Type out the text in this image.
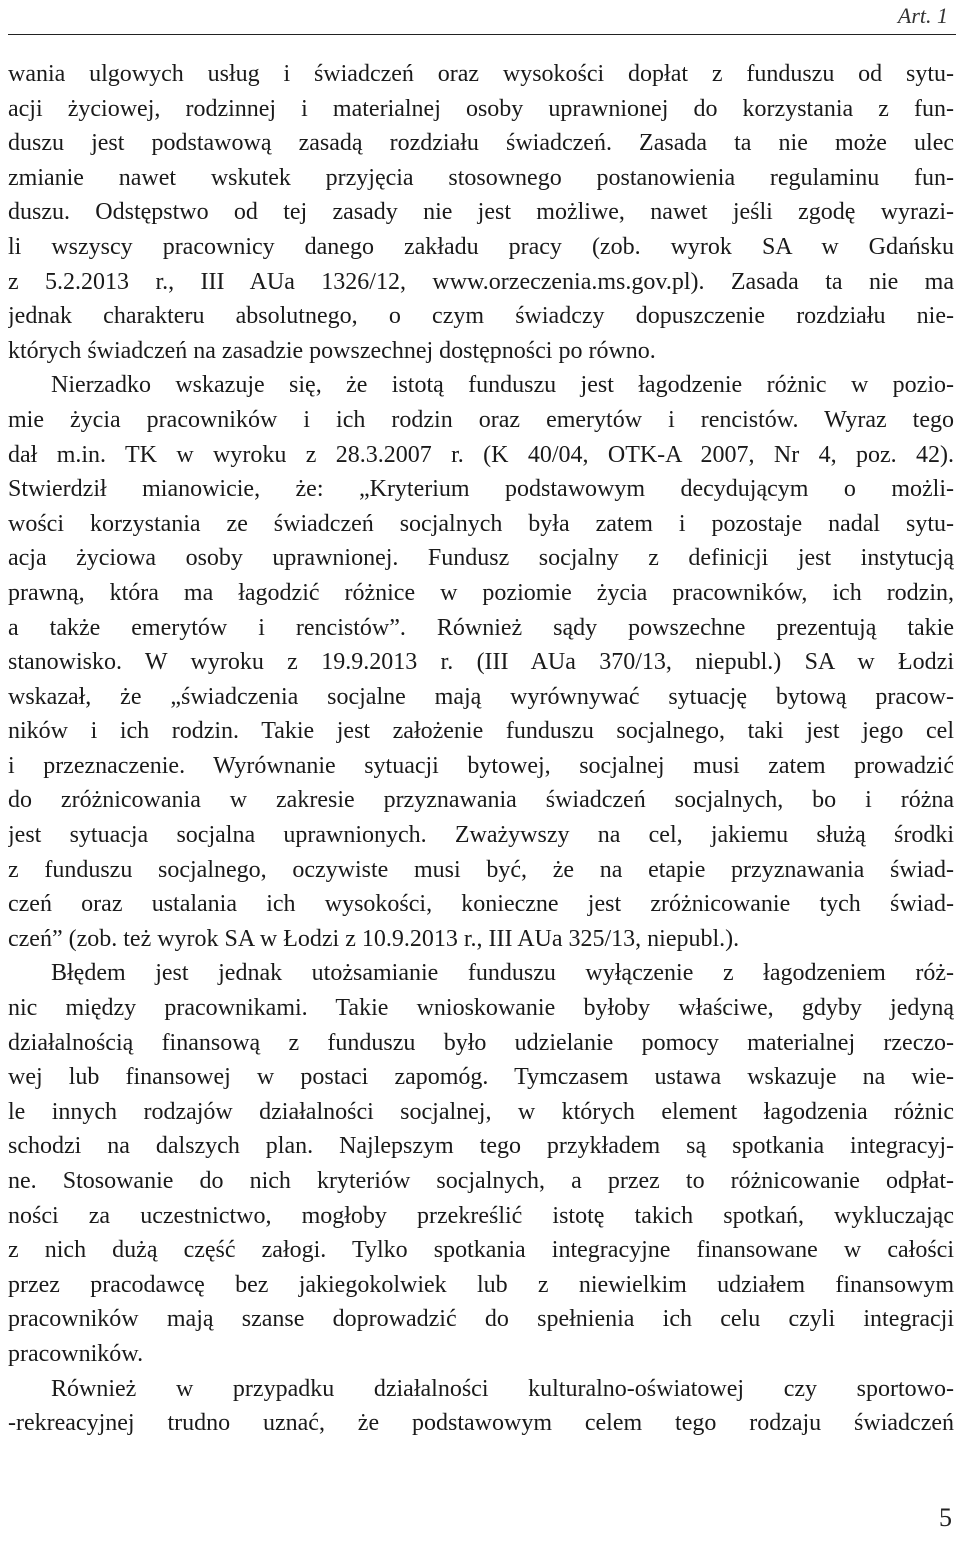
Art. 1

wania ulgowych usług i świadczeń oraz wysokości dopłat z funduszu od sytu-

acji życiowej, rodzinnej i materialnej osoby uprawnionej do korzystania z fun-

duszu jest podstawową zasadą rozdziału świadczeń. Zasada ta nie może ulec

zmianie nawet wskutek przyjęcia stosownego postanowienia regulaminu fun-

duszu. Odstępstwo od tej zasady nie jest możliwe, nawet jeśli zgodę wyrazi-

li wszyscy pracownicy danego zakładu pracy (zob. wyrok SA w Gdańsku

z 5.2.2013 r., III AUa 1326/12, www.orzeczenia.ms.gov.pl). Zasada ta nie ma

jednak charakteru absolutnego, o czym świadczy dopuszczenie rozdziału nie-

których świadczeń na zasadzie powszechnej dostępności po równo.

Nierzadko wskazuje się, że istotą funduszu jest łagodzenie różnic w pozio-

mie życia pracowników i ich rodzin oraz emerytów i rencistów. Wyraz tego

dał m.in. TK w wyroku z 28.3.2007 r. (K 40/04, OTK-A 2007, Nr 4, poz. 42).

Stwierdził mianowicie, że: „Kryterium podstawowym decydującym o możli-

wości korzystania ze świadczeń socjalnych była zatem i pozostaje nadal sytu-

acja życiowa osoby uprawnionej. Fundusz socjalny z definicji jest instytucją

prawną, która ma łagodzić różnice w poziomie życia pracowników, ich rodzin,

a także emerytów i rencistów”. Również sądy powszechne prezentują takie

stanowisko. W wyroku z 19.9.2013 r. (III AUa 370/13, niepubl.) SA w Łodzi

wskazał, że „świadczenia socjalne mają wyrównywać sytuację bytową pracow-

ników i ich rodzin. Takie jest założenie funduszu socjalnego, taki jest jego cel

i przeznaczenie. Wyrównanie sytuacji bytowej, socjalnej musi zatem prowadzić

do zróżnicowania w zakresie przyznawania świadczeń socjalnych, bo i różna

jest sytuacja socjalna uprawnionych. Zważywszy na cel, jakiemu służą środki

z funduszu socjalnego, oczywiste musi być, że na etapie przyznawania świad-

czeń oraz ustalania ich wysokości, konieczne jest zróżnicowanie tych świad-

czeń” (zob. też wyrok SA w Łodzi z 10.9.2013 r., III AUa 325/13, niepubl.).

Błędem jest jednak utożsamianie funduszu wyłączenie z łagodzeniem róż-

nic między pracownikami. Takie wnioskowanie byłoby właściwe, gdyby jedyną

działalnością finansową z funduszu było udzielanie pomocy materialnej rzeczo-

wej lub finansowej w postaci zapomóg. Tymczasem ustawa wskazuje na wie-

le innych rodzajów działalności socjalnej, w których element łagodzenia różnic

schodzi na dalszych plan. Najlepszym tego przykładem są spotkania integracyj-

ne. Stosowanie do nich kryteriów socjalnych, a przez to różnicowanie odpłat-

ności za uczestnictwo, mogłoby przekreślić istotę takich spotkań, wykluczając

z nich dużą część załogi. Tylko spotkania integracyjne finansowane w całości

przez pracodawcę bez jakiegokolwiek lub z niewielkim udziałem finansowym

pracowników mają szanse doprowadzić do spełnienia ich celu czyli integracji

pracowników.

Również w przypadku działalności kulturalno-oświatowej czy sportowo-

-rekreacyjnej trudno uznać, że podstawowym celem tego rodzaju świadczeń

5
